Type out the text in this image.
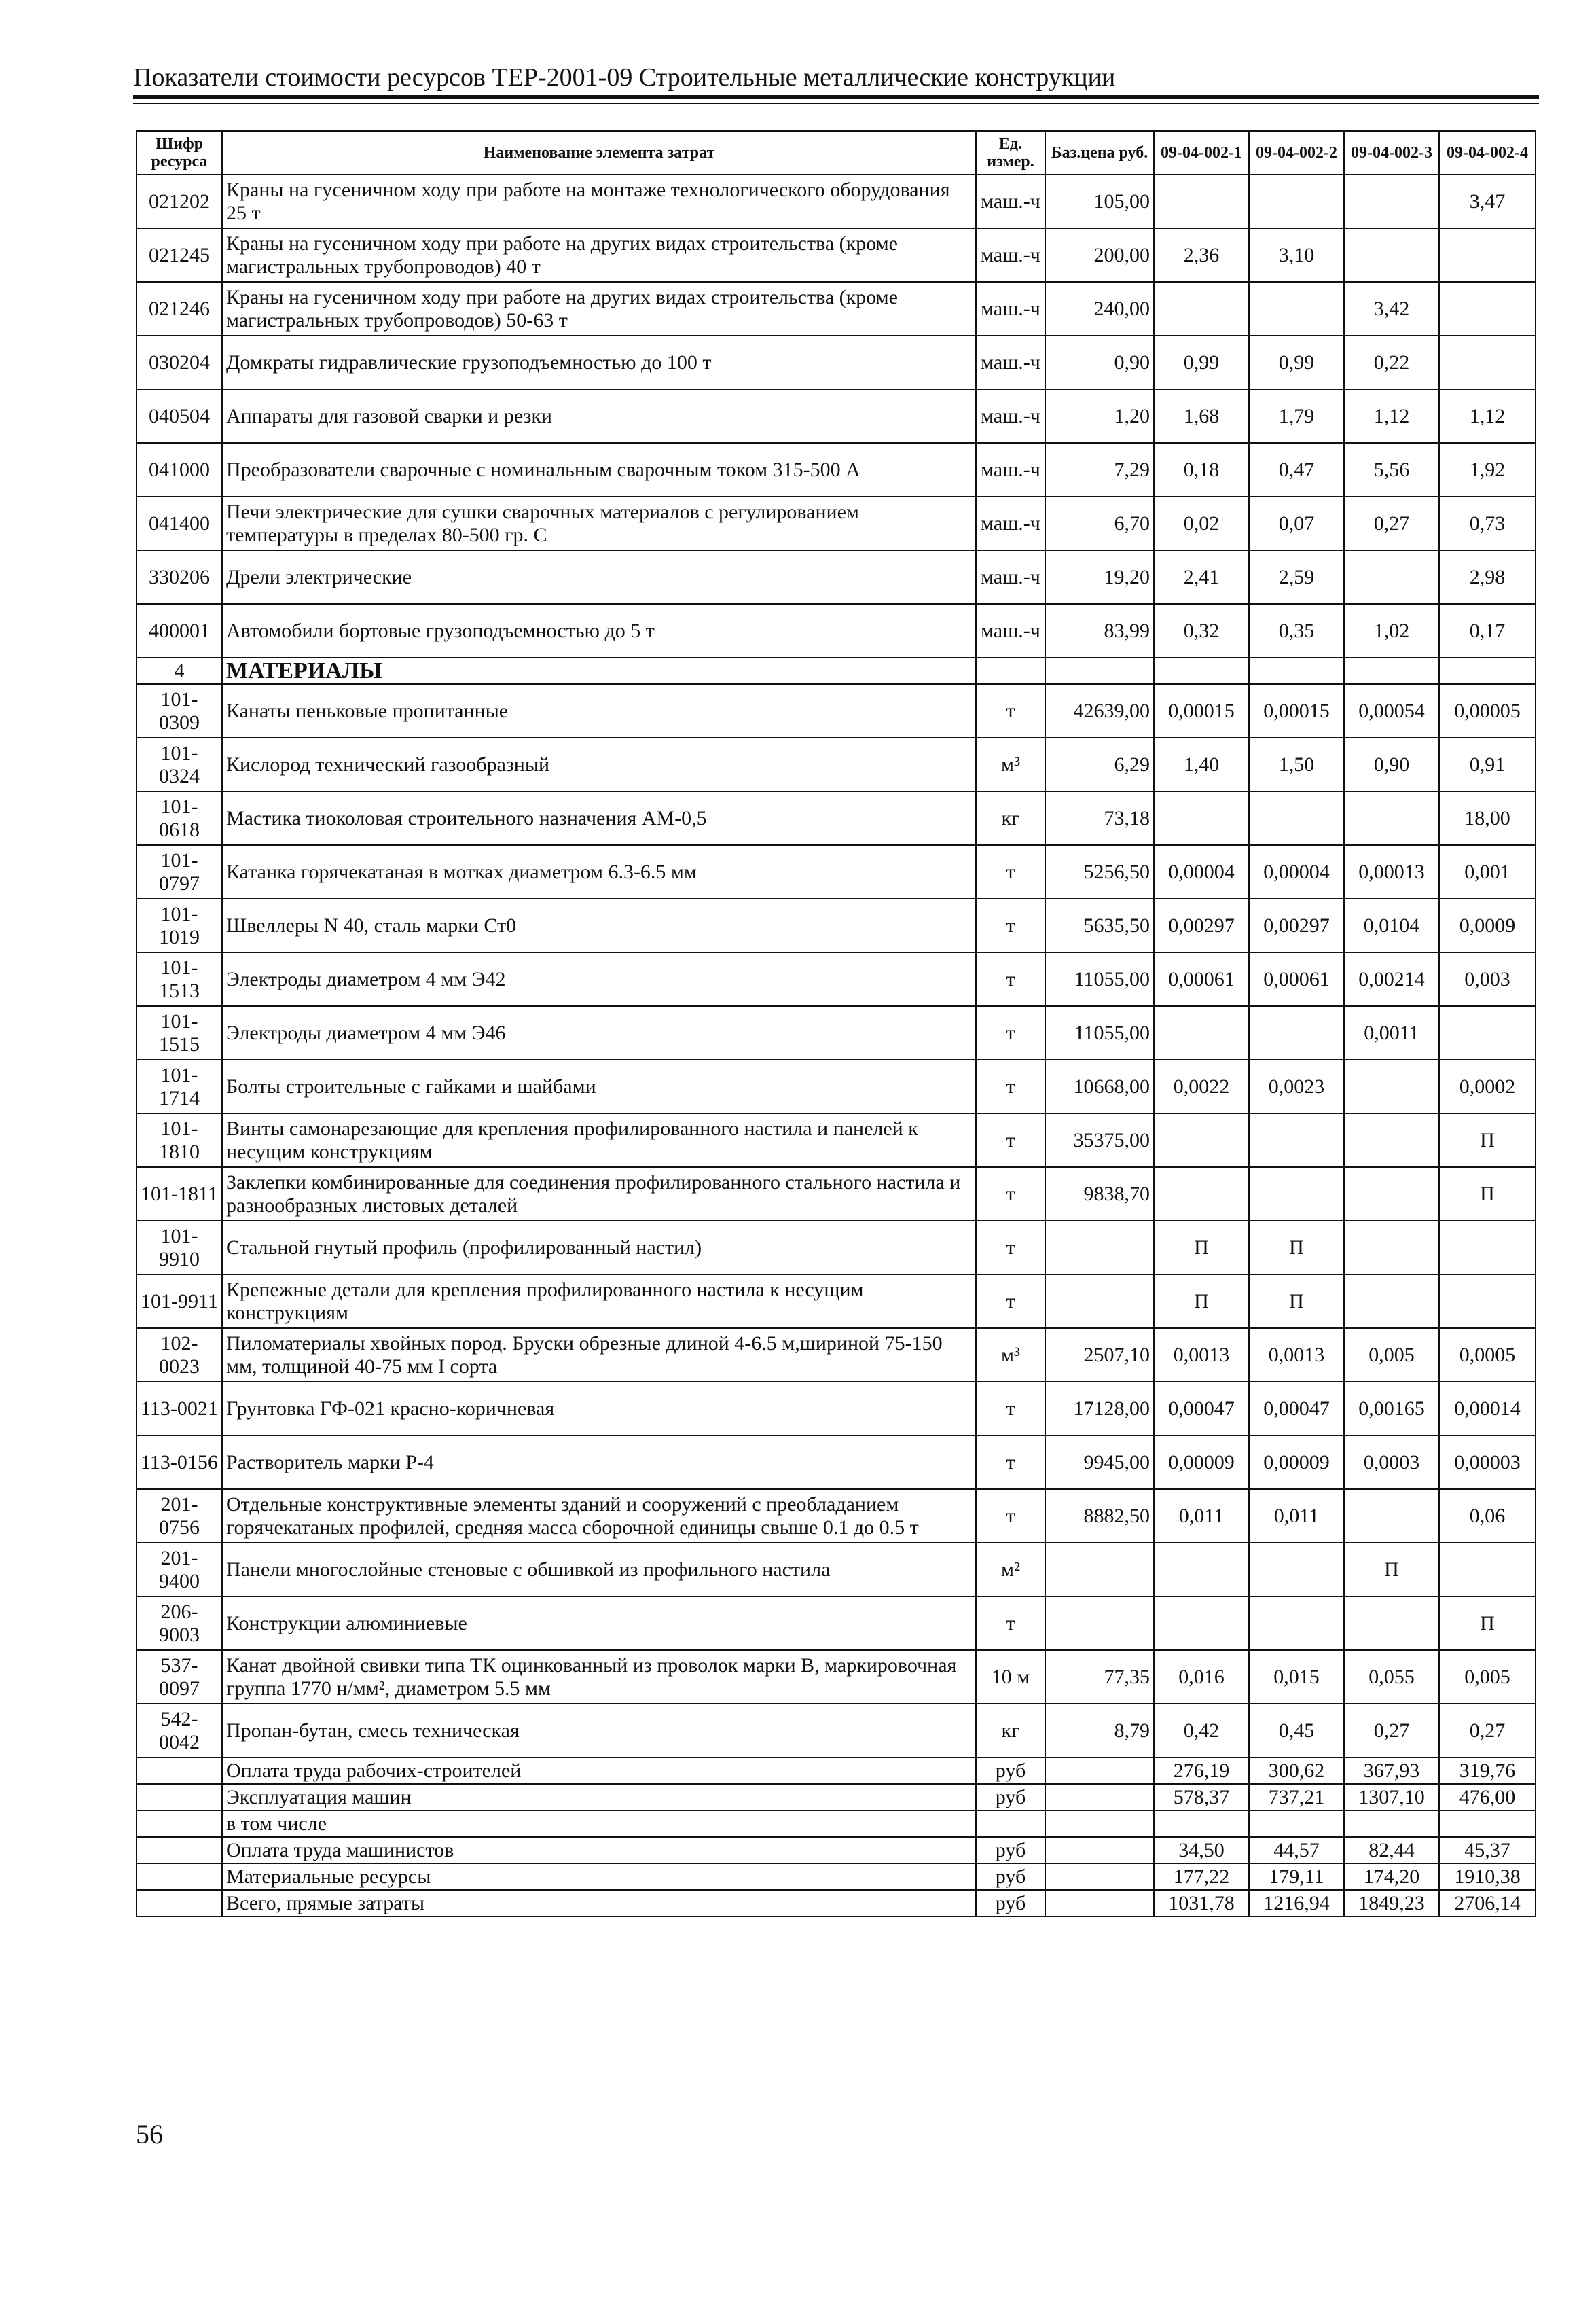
Показатели стоимости ресурсов ТЕР-2001-09 Строительные металлические конструкции
Шифр ресурса	Наименование элемента затрат	Ед. измер.	Баз.цена руб.	09-04-002-1	09-04-002-2	09-04-002-3	09-04-002-4
021202	Краны на гусеничном ходу при работе на монтаже технологического оборудования 25 т	маш.-ч	105,00				3,47
021245	Краны на гусеничном ходу при работе на других видах строительства (кроме магистральных трубопроводов) 40 т	маш.-ч	200,00	2,36	3,10		
021246	Краны на гусеничном ходу при работе на других видах строительства (кроме магистральных трубопроводов) 50-63 т	маш.-ч	240,00			3,42	
030204	Домкраты гидравлические грузоподъемностью до 100 т	маш.-ч	0,90	0,99	0,99	0,22	
040504	Аппараты для газовой сварки и резки	маш.-ч	1,20	1,68	1,79	1,12	1,12
041000	Преобразователи сварочные с номинальным сварочным током 315-500 А	маш.-ч	7,29	0,18	0,47	5,56	1,92
041400	Печи электрические для сушки сварочных материалов с регулированием температуры в пределах 80-500 гр. С	маш.-ч	6,70	0,02	0,07	0,27	0,73
330206	Дрели электрические	маш.-ч	19,20	2,41	2,59		2,98
400001	Автомобили бортовые грузоподъемностью до 5 т	маш.-ч	83,99	0,32	0,35	1,02	0,17
4	МАТЕРИАЛЫ						
101-0309	Канаты пеньковые пропитанные	т	42639,00	0,00015	0,00015	0,00054	0,00005
101-0324	Кислород технический газообразный	м³	6,29	1,40	1,50	0,90	0,91
101-0618	Мастика тиоколовая строительного назначения АМ-0,5	кг	73,18				18,00
101-0797	Катанка горячекатаная в мотках диаметром 6.3-6.5 мм	т	5256,50	0,00004	0,00004	0,00013	0,001
101-1019	Швеллеры N 40, сталь марки Ст0	т	5635,50	0,00297	0,00297	0,0104	0,0009
101-1513	Электроды диаметром 4 мм Э42	т	11055,00	0,00061	0,00061	0,00214	0,003
101-1515	Электроды диаметром 4 мм Э46	т	11055,00			0,0011	
101-1714	Болты строительные с гайками и шайбами	т	10668,00	0,0022	0,0023		0,0002
101-1810	Винты самонарезающие для крепления профилированного настила и панелей к несущим конструкциям	т	35375,00				П
101-1811	Заклепки комбинированные для соединения профилированного стального настила и разнообразных листовых деталей	т	9838,70				П
101-9910	Стальной гнутый профиль (профилированный настил)	т		П	П		
101-9911	Крепежные детали для крепления профилированного настила к несущим конструкциям	т		П	П		
102-0023	Пиломатериалы хвойных пород. Бруски обрезные длиной 4-6.5 м,шириной 75-150 мм, толщиной 40-75 мм I сорта	м³	2507,10	0,0013	0,0013	0,005	0,0005
113-0021	Грунтовка ГФ-021 красно-коричневая	т	17128,00	0,00047	0,00047	0,00165	0,00014
113-0156	Растворитель марки Р-4	т	9945,00	0,00009	0,00009	0,0003	0,00003
201-0756	Отдельные конструктивные элементы зданий и сооружений с преобладанием горячекатаных профилей, средняя масса сборочной единицы свыше 0.1 до 0.5 т	т	8882,50	0,011	0,011		0,06
201-9400	Панели многослойные стеновые с обшивкой из профильного настила	м²				П	
206-9003	Конструкции алюминиевые	т					П
537-0097	Канат двойной свивки типа ТК оцинкованный из проволок марки В, маркировочная группа 1770 н/мм², диаметром 5.5 мм	10 м	77,35	0,016	0,015	0,055	0,005
542-0042	Пропан-бутан, смесь техническая	кг	8,79	0,42	0,45	0,27	0,27
	Оплата труда рабочих-строителей	руб		276,19	300,62	367,93	319,76
	Эксплуатация машин	руб		578,37	737,21	1307,10	476,00
	в том числе						
	Оплата труда машинистов	руб		34,50	44,57	82,44	45,37
	Материальные ресурсы	руб		177,22	179,11	174,20	1910,38
	Всего, прямые затраты	руб		1031,78	1216,94	1849,23	2706,14
56
